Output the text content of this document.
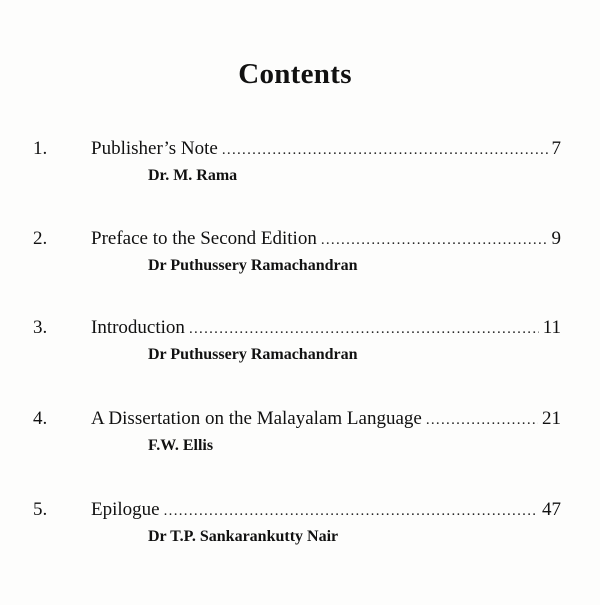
Contents
1. Publisher’s Note .....	7
Dr. M. Rama
2. Preface to the Second Edition .....	9
Dr Puthussery Ramachandran
3. Introduction .....	11
Dr Puthussery Ramachandran
4. A Dissertation on the Malayalam Language .....	21
F.W. Ellis
5. Epilogue .....	47
Dr T.P. Sankarankutty Nair
